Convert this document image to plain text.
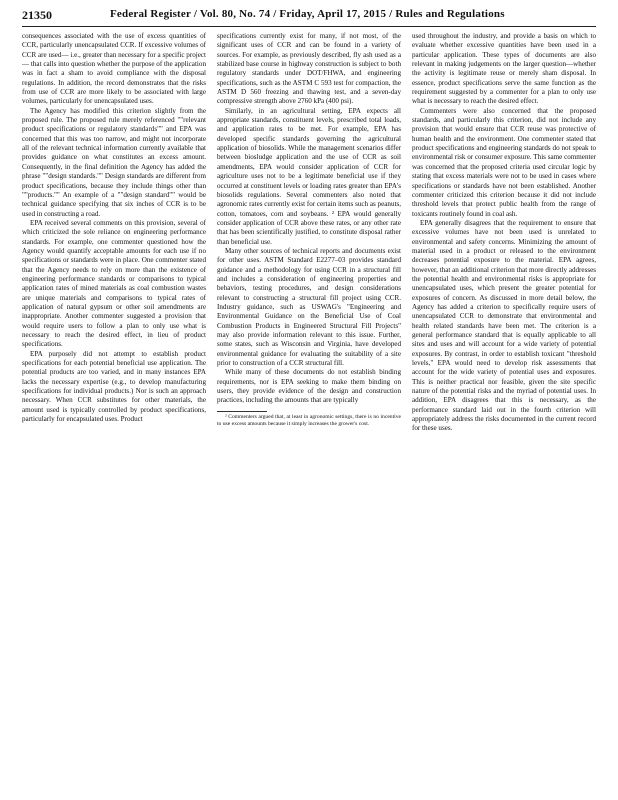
21350	Federal Register / Vol. 80, No. 74 / Friday, April 17, 2015 / Rules and Regulations

consequences associated with the use of excess quantities of CCR, particularly unencapsulated CCR. If excessive volumes of CCR are used— i.e., greater than necessary for a specific project— that calls into question whether the purpose of the application was in fact a sham to avoid compliance with the disposal regulations. In addition, the record demonstrates that the risks from use of CCR are more likely to be associated with large volumes, particularly for unencapsulated uses.

The Agency has modified this criterion slightly from the proposed rule. The proposed rule merely referenced ""relevant product specifications or regulatory standards"" and EPA was concerned that this was too narrow, and might not incorporate all of the relevant technical information currently available that provides guidance on what constitutes an excess amount. Consequently, in the final definition the Agency has added the phrase ""design standards."" Design standards are different from product specifications, because they include things other than ""products."" An example of a ""design standard"" would be technical guidance specifying that six inches of CCR is to be used in constructing a road.

EPA received several comments on this provision, several of which criticized the sole reliance on engineering performance standards. For example, one commenter questioned how the Agency would quantify acceptable amounts for each use if no specifications or standards were in place. One commenter stated that the Agency needs to rely on more than the existence of engineering performance standards or comparisons to typical application rates of mined materials as coal combustion wastes are unique materials and comparisons to typical rates of application of natural gypsum or other soil amendments are inappropriate. Another commenter suggested a provision that would require users to follow a plan to only use what is necessary to reach the desired effect, in lieu of product specifications.

EPA purposely did not attempt to establish product specifications for each potential beneficial use application. The potential products are too varied, and in many instances EPA lacks the necessary expertise (e.g., to develop manufacturing specifications for individual products.) Nor is such an approach necessary. When CCR substitutes for other materials, the amount used is typically controlled by product specifications, particularly for encapsulated uses. Product

specifications currently exist for many, if not most, of the significant uses of CCR and can be found in a variety of sources. For example, as previously described, fly ash used as a stabilized base course in highway construction is subject to both regulatory standards under DOT/FHWA, and engineering specifications, such as the ASTM C 593 test for compaction, the ASTM D 560 freezing and thawing test, and a seven-day compressive strength above 2760 kPa (400 psi).

Similarly, in an agricultural setting, EPA expects all appropriate standards, constituent levels, prescribed total loads, and application rates to be met. For example, EPA has developed specific standards governing the agricultural application of biosolids. While the management scenarios differ between biosludge application and the use of CCR as soil amendments, EPA would consider application of CCR for agriculture uses not to be a legitimate beneficial use if they occurred at constituent levels or loading rates greater than EPA's biosolids regulations. Several commenters also noted that agronomic rates currently exist for certain items such as peanuts, cotton, tomatoes, corn and soybeans. ² EPA would generally consider application of CCR above these rates, or any other rate that has been scientifically justified, to constitute disposal rather than beneficial use.

Many other sources of technical reports and documents exist for other uses. ASTM Standard E2277–03 provides standard guidance and a methodology for using CCR in a structural fill and includes a consideration of engineering properties and behaviors, testing procedures, and design considerations relevant to constructing a structural fill project using CCR. Industry guidance, such as USWAG's "Engineering and Environmental Guidance on the Beneficial Use of Coal Combustion Products in Engineered Structural Fill Projects" may also provide information relevant to this issue. Further, some states, such as Wisconsin and Virginia, have developed environmental guidance for evaluating the suitability of a site prior to construction of a CCR structural fill.

While many of these documents do not establish binding requirements, nor is EPA seeking to make them binding on users, they provide evidence of the design and construction practices, including the amounts that are typically

² Commenters argued that, at least in agronomic settings, there is no incentive to use excess amounts because it simply increases the grower's cost.

used throughout the industry, and provide a basis on which to evaluate whether excessive quantities have been used in a particular application. These types of documents are also relevant in making judgements on the larger question—whether the activity is legitimate reuse or merely sham disposal. In essence, product specifications serve the same function as the requirement suggested by a commenter for a plan to only use what is necessary to reach the desired effect.

Commenters were also concerned that the proposed standards, and particularly this criterion, did not include any provision that would ensure that CCR reuse was protective of human health and the environment. One commenter stated that product specifications and engineering standards do not speak to environmental risk or consumer exposure. This same commenter was concerned that the proposed criteria used circular logic by stating that excess materials were not to be used in cases where specifications or standards have not been established. Another commenter criticized this criterion because it did not include threshold levels that protect public health from the range of toxicants routinely found in coal ash.

EPA generally disagrees that the requirement to ensure that excessive volumes have not been used is unrelated to environmental and safety concerns. Minimizing the amount of material used in a product or released to the environment decreases potential exposure to the material. EPA agrees, however, that an additional criterion that more directly addresses the potential health and environmental risks is appropriate for unencapsulated uses, which present the greater potential for exposures of concern. As discussed in more detail below, the Agency has added a criterion to specifically require users of unencapsulated CCR to demonstrate that environmental and health related standards have been met. The criterion is a general performance standard that is equally applicable to all sites and uses and will account for a wide variety of potential exposures. By contrast, in order to establish toxicant "threshold levels," EPA would need to develop risk assessments that account for the wide variety of potential uses and exposures. This is neither practical nor feasible, given the site specific nature of the potential risks and the myriad of potential uses. In addition, EPA disagrees that this is necessary, as the performance standard laid out in the fourth criterion will appropriately address the risks documented in the current record for these uses.
